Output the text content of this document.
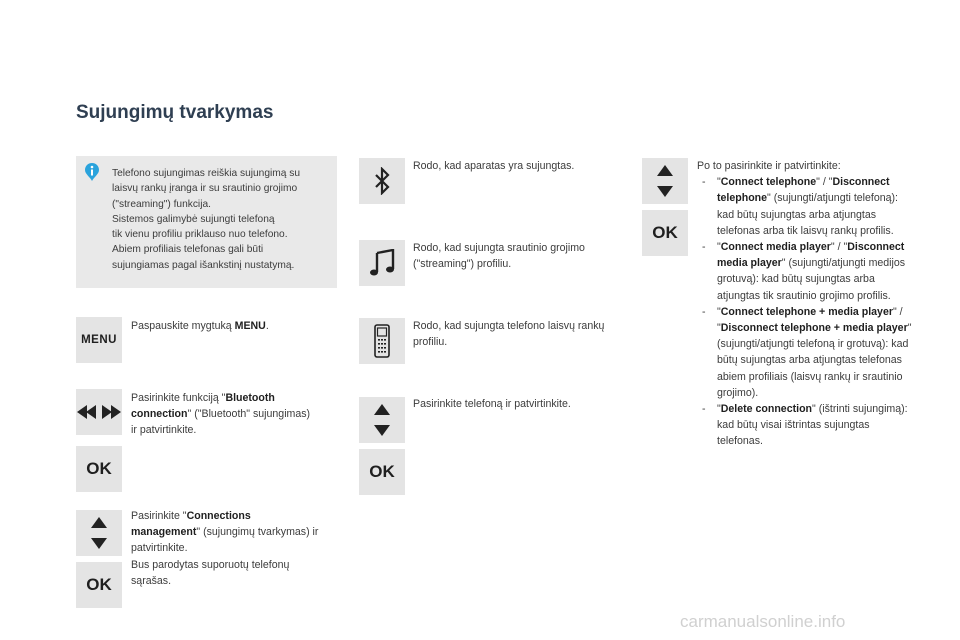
Sujungimų tvarkymas
Telefono sujungimas reiškia sujungimą su
laisvų rankų įranga ir su srautinio grojimo
("streaming") funkcija.
Sistemos galimybė sujungti telefoną
tik vienu profiliu priklauso nuo telefono.
Abiem profiliais telefonas gali būti
sujungiamas pagal išankstinį nustatymą.
MENU
Paspauskite mygtuką MENU.
OK
Pasirinkite funkciją "Bluetooth connection" ("Bluetooth" sujungimas) ir patvirtinkite.
OK
Pasirinkite "Connections management" (sujungimų tvarkymas) ir patvirtinkite.
Bus parodytas suporuotų telefonų sąrašas.
Rodo, kad aparatas yra sujungtas.
Rodo, kad sujungta srautinio grojimo ("streaming") profiliu.
Rodo, kad sujungta telefono laisvų rankų profiliu.
OK
Pasirinkite telefoną ir patvirtinkite.
OK
Po to pasirinkite ir patvirtinkite:
- "Connect telephone" / "Disconnect telephone" (sujungti/atjungti telefoną): kad būtų sujungtas arba atjungtas telefonas arba tik laisvų rankų profilis.
- "Connect media player" / "Disconnect media player" (sujungti/atjungti medijos grotuvą): kad būtų sujungtas arba atjungtas tik srautinio grojimo profilis.
- "Connect telephone + media player" / "Disconnect telephone + media player" (sujungti/atjungti telefoną ir grotuvą): kad būtų sujungtas arba atjungtas telefonas abiem profiliais (laisvų rankų ir srautinio grojimo).
- "Delete connection" (ištrinti sujungimą): kad būtų visai ištrintas sujungtas telefonas.
carmanualsonline.info
